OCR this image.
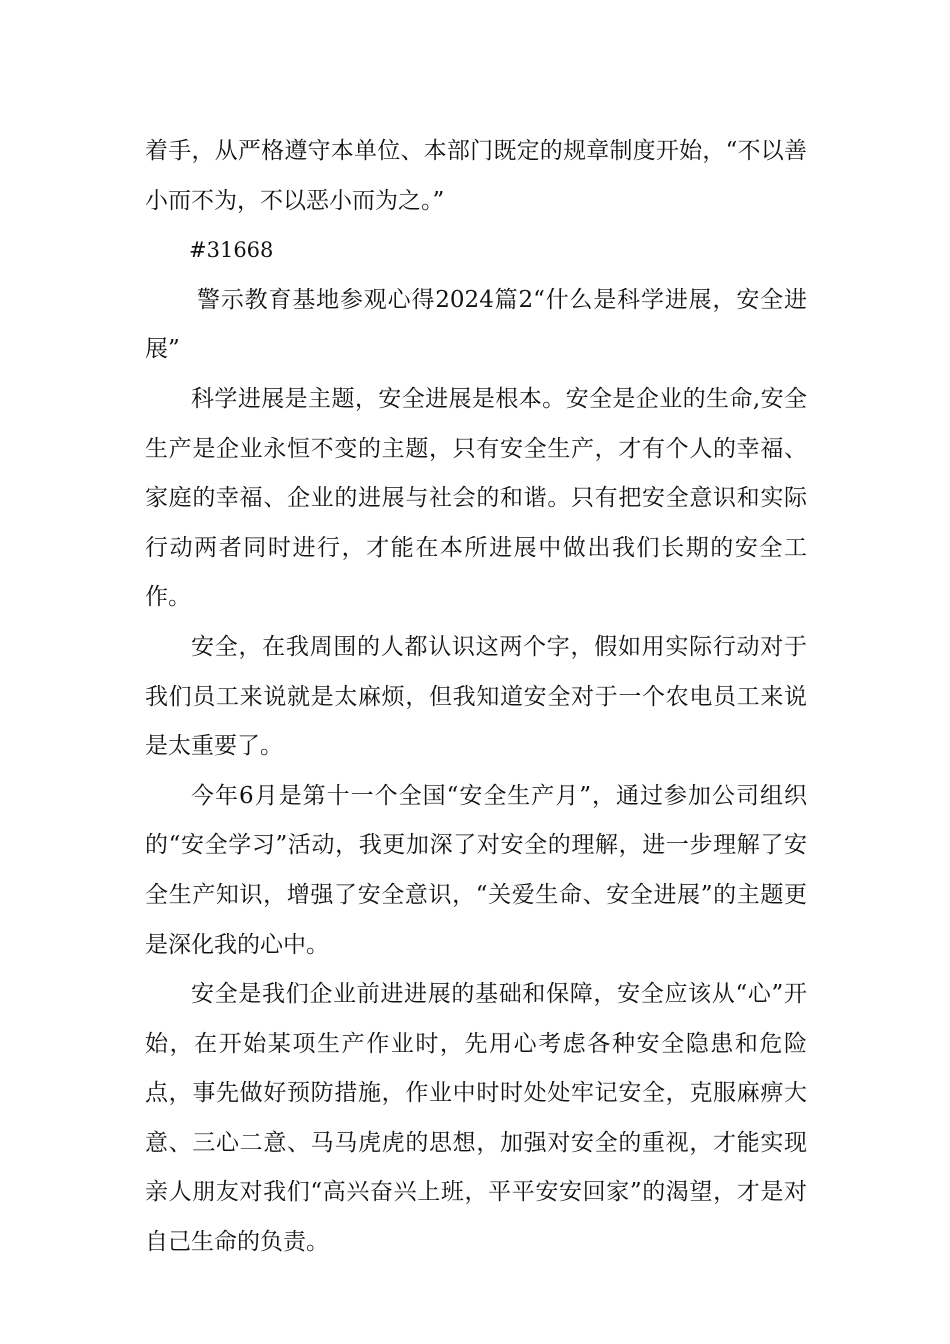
着手，从严格遵守本单位、本部门既定的规章制度开始，“不以善小而不为，不以恶小而为之。”

#31668

警示教育基地参观心得2024篇2“什么是科学进展，安全进展”

科学进展是主题，安全进展是根本。安全是企业的生命,安全生产是企业永恒不变的主题，只有安全生产，才有个人的幸福、家庭的幸福、企业的进展与社会的和谐。只有把安全意识和实际行动两者同时进行，才能在本所进展中做出我们长期的安全工作。

安全，在我周围的人都认识这两个字，假如用实际行动对于我们员工来说就是太麻烦，但我知道安全对于一个农电员工来说是太重要了。

今年6月是第十一个全国“安全生产月”，通过参加公司组织的“安全学习”活动，我更加深了对安全的理解，进一步理解了安全生产知识，增强了安全意识，“关爱生命、安全进展”的主题更是深化我的心中。

安全是我们企业前进进展的基础和保障，安全应该从“心”开始，在开始某项生产作业时，先用心考虑各种安全隐患和危险点，事先做好预防措施，作业中时时处处牢记安全，克服麻痹大意、三心二意、马马虎虎的思想，加强对安全的重视，才能实现亲人朋友对我们“高兴奋兴上班，平平安安回家”的渴望，才是对自己生命的负责。
